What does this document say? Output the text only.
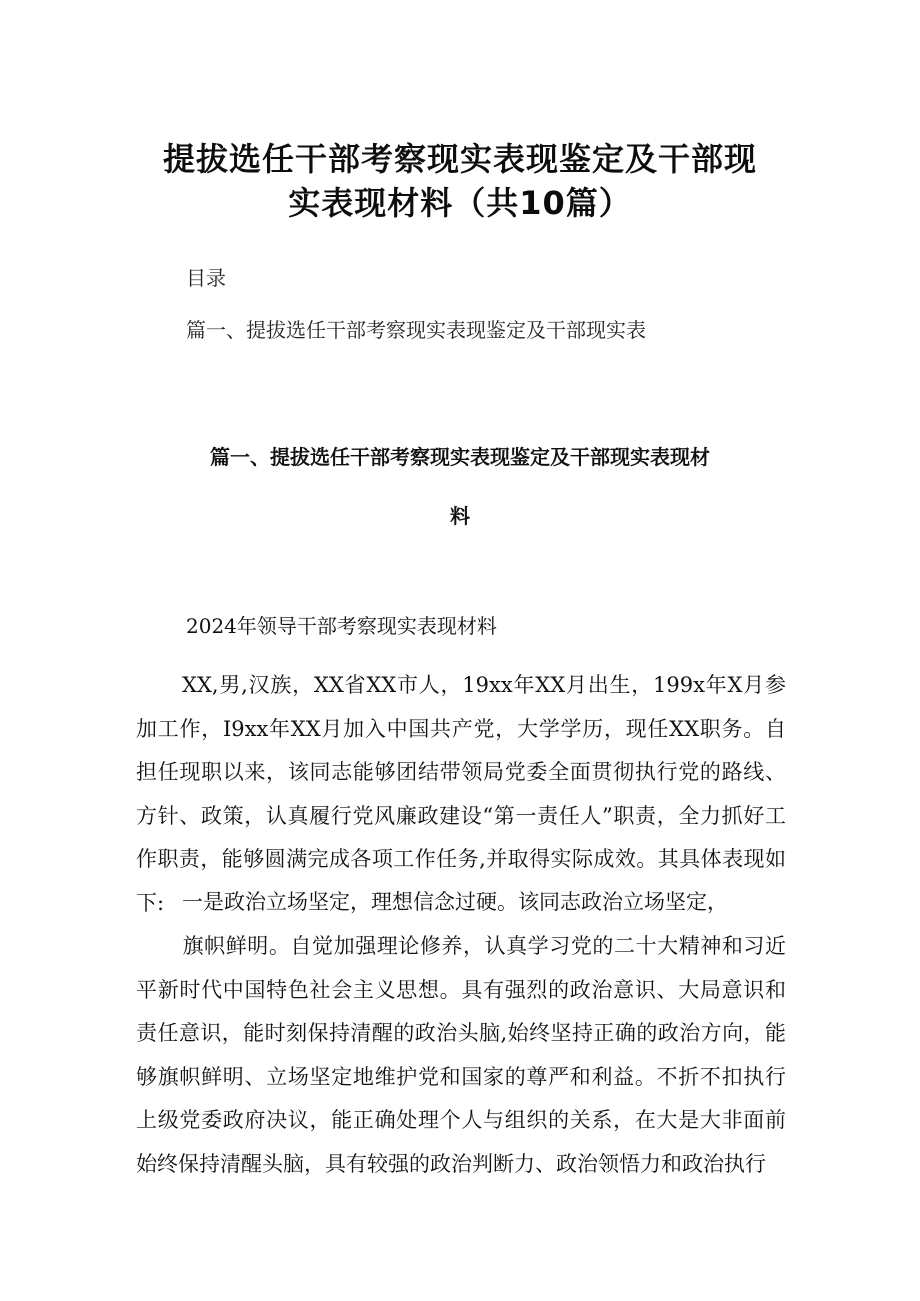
提拔选任干部考察现实表现鉴定及干部现
实表现材料（共10篇）
目录
篇一、提拔选任干部考察现实表现鉴定及干部现实表
篇一、提拔选任干部考察现实表现鉴定及干部现实表现材
料
2024年领导干部考察现实表现材料
XX,男,汉族，XX省XX市人，19xx年XX月出生，199x年X月参加工作，I9xx年XX月加入中国共产党，大学学历，现任XX职务。自担任现职以来，该同志能够团结带领局党委全面贯彻执行党的路线、方针、政策，认真履行党风廉政建设“第一责任人”职责，全力抓好工作职责，能够圆满完成各项工作任务,并取得实际成效。其具体表现如下: 一是政治立场坚定，理想信念过硬。该同志政治立场坚定，
旗帜鲜明。自觉加强理论修养，认真学习党的二十大精神和习近平新时代中国特色社会主义思想。具有强烈的政治意识、大局意识和责任意识，能时刻保持清醒的政治头脑,始终坚持正确的政治方向，能够旗帜鲜明、立场坚定地维护党和国家的尊严和利益。不折不扣执行上级党委政府决议，能正确处理个人与组织的关系，在大是大非面前始终保持清醒头脑，具有较强的政治判断力、政治领悟力和政治执行
